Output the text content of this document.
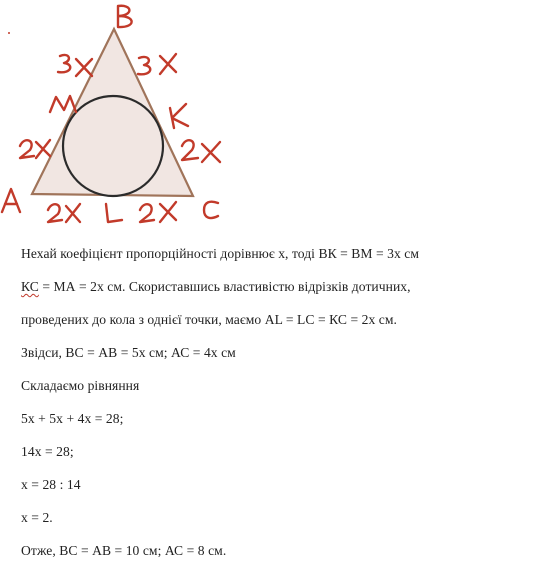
Нехай коефіцієнт пропорційності дорівнює х, тоді ВК = ВМ = 3х см
КС = МА = 2х см. Скориставшись властивістю відрізків дотичних,
проведених до кола з однієї точки, маємо AL = LC = КС = 2х см.
Звідси, ВС = АВ = 5х см; АС = 4х см
Складаємо рівняння
5х + 5х + 4х = 28;
14х = 28;
х = 28 : 14
х = 2.
Отже, ВС = АВ = 10 см; АС = 8 см.
